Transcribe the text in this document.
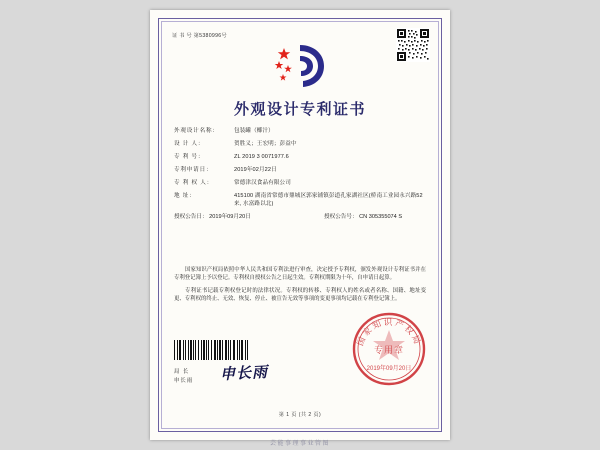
证 书 号 第5380996号
外观设计专利证书
外观设计名称：	包装罐（椰汁）
设 计 人：	贺胜义；王宏明；彭益中
专 利 号：	ZL 2019 3 0071977.6
专利申请日：	2019年02月22日
专 利 权 人：	常德津汉食品有限公司
地 址：	415100 湖南省常德市鼎城区郭家铺镇彭道孔家湖社区(桥南工业园永兴路52来, 水富路以北)
授权公告日： 2019年09月20日	授权公告号： CN 305355074 S

国家知识产权局依照中华人民共和国专利法进行审查，决定授予专利权，颁发外观设计专利证书并在专利登记簿上予以登记。专利权自授权公告之日起生效。专利权期限为十年，自申请日起算。

专利证书记载专利权登记时的法律状况。专利权的转移、专利权人的姓名或者名称、国籍、地址变更、专利权的终止、无效、恢复、停止、被宣告无效等事项的变更事项均记载在专利登记簿上。

局 长
申长雨 申长雨
国家知识产权局
专用章
2019年09月20日
第 1 页 (共 2 页)
芸能事理事业管图
